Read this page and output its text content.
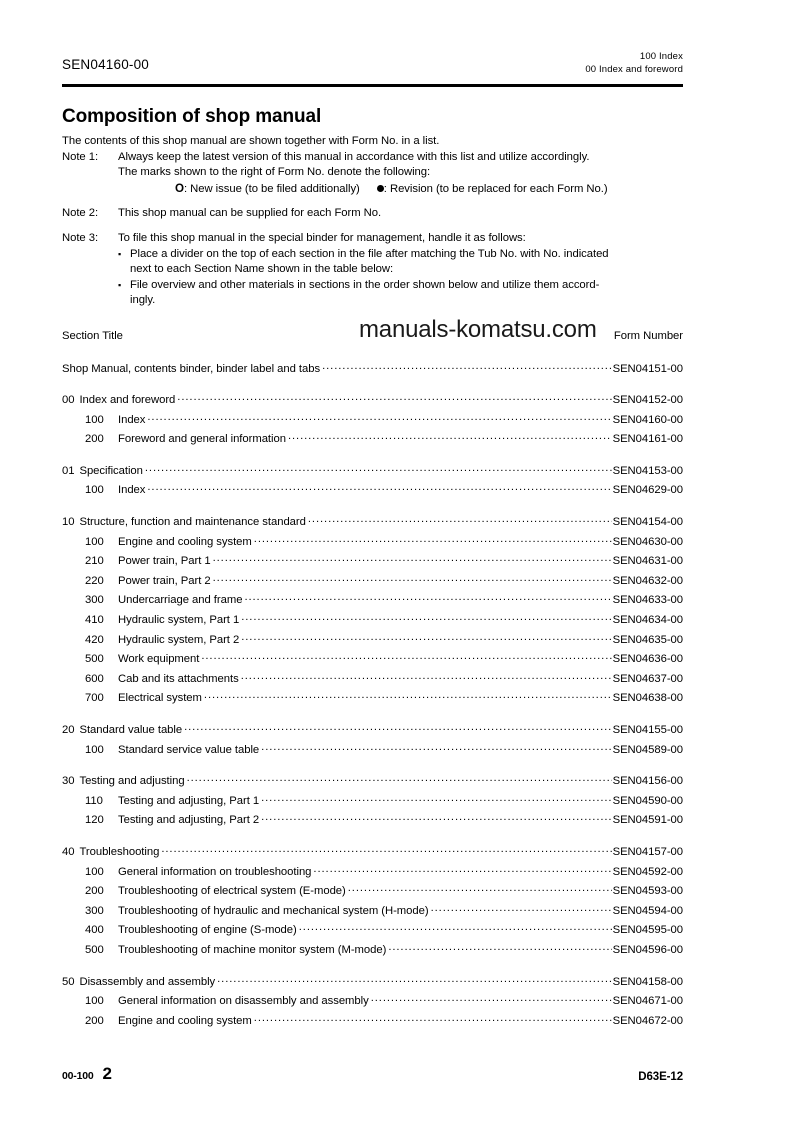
SEN04160-00
100 Index
00 Index and foreword
Composition of shop manual
The contents of this shop manual are shown together with Form No. in a list.
Note 1:	Always keep the latest version of this manual in accordance with this list and utilize accordingly.
The marks shown to the right of Form No. denote the following:
O: New issue (to be filed additionally) : Revision (to be replaced for each Form No.)
Note 2:	This shop manual can be supplied for each Form No.
Note 3:	To file this shop manual in the special binder for management, handle it as follows:
▪ Place a divider on the top of each section in the file after matching the Tub No. with No. indicated
next to each Section Name shown in the table below:
▪ File overview and other materials in sections in the order shown below and utilize them accord-
ingly.
Section Title	Form Number
Shop Manual, contents binder, binder label and tabs .....	SEN04151-00
00 Index and foreword .....	SEN04152-00
100	Index .....	SEN04160-00
200	Foreword and general information .....	SEN04161-00
01 Specification .....	SEN04153-00
100	Index .....	SEN04629-00
10 Structure, function and maintenance standard .....	SEN04154-00
100	Engine and cooling system .....	SEN04630-00
210	Power train, Part 1 .....	SEN04631-00
220	Power train, Part 2 .....	SEN04632-00
300	Undercarriage and frame .....	SEN04633-00
410	Hydraulic system, Part 1 .....	SEN04634-00
420	Hydraulic system, Part 2 .....	SEN04635-00
500	Work equipment .....	SEN04636-00
600	Cab and its attachments .....	SEN04637-00
700	Electrical system .....	SEN04638-00
20 Standard value table .....	SEN04155-00
100	Standard service value table .....	SEN04589-00
30 Testing and adjusting .....	SEN04156-00
110	Testing and adjusting, Part 1 .....	SEN04590-00
120	Testing and adjusting, Part 2 .....	SEN04591-00
40 Troubleshooting .....	SEN04157-00
100	General information on troubleshooting .....	SEN04592-00
200	Troubleshooting of electrical system (E-mode) .....	SEN04593-00
300	Troubleshooting of hydraulic and mechanical system (H-mode) .....	SEN04594-00
400	Troubleshooting of engine (S-mode) .....	SEN04595-00
500	Troubleshooting of machine monitor system (M-mode) .....	SEN04596-00
50 Disassembly and assembly .....	SEN04158-00
100	General information on disassembly and assembly .....	SEN04671-00
200	Engine and cooling system .....	SEN04672-00
manuals-komatsu.com
00-100 2	D63E-12
